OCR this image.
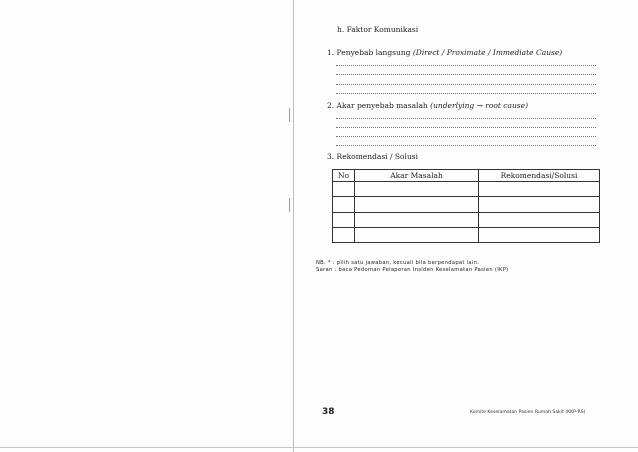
h. Faktor Komunikasi
1. Penyebab langsung (Direct / Proximate / Immediate Cause)
2. Akar penyebab masalah (underlying → root cause)
3. Rekomendasi / Solusi
No	Akar Masalah	Rekomendasi/Solusi

NB. * : pilih satu jawaban, kecuali bila berpendapat lain.
Saran : baca Pedoman Pelaporan Insiden Keselamatan Pasien (IKP)
38	Komite Keselamatan Pasien Rumah Sakit (KKP-RS)
